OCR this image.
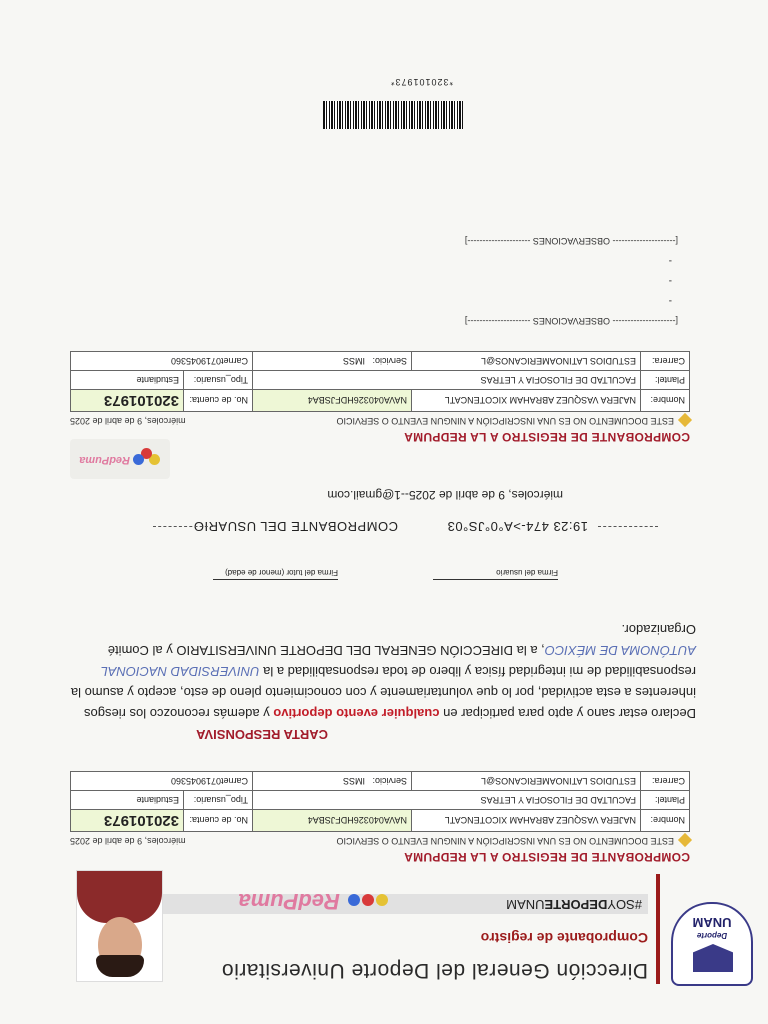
Deporte
UNAM
Dirección General del Deporte Universitario
Comprobante de registro
#SOYDEPORTEUNAM
RedPuma
COMPROBANTE DE REGISTRO A LA REDPUMA
ESTE DOCUMENTO NO ES UNA INSCRIPCIÓN A NINGUN EVENTO O SERVICIO
miércoles, 9 de abril de 2025
Nombre:	NAJERA VASQUEZ ABRAHAM XICOTENCATL	NAVA040326HDFJSBA4	No. de cuenta:	320101973
Plantel:	FACULTAD DE FILOSOFIA Y LETRAS		Tipo_usuario:	Estudiante
Carrera:	ESTUDIOS LATINOAMERICANOS@L	Servicio:   IMSS	Carnet0719045360	
CARTA RESPONSIVA
Declaro estar sano y apto para participar en cualquier evento deportivo y además reconozco los riesgos inherentes a esta actividad, por lo que voluntariamente y con conocimiento pleno de esto, acepto y asumo la responsabilidad de mi integridad física y libero de toda responsabilidad a la UNIVERSIDAD NACIONAL AUTÓNOMA DE MÉXICO, a la DIRECCIÓN GENERAL DEL DEPORTE UNIVERSITARIO y al Comité Organizador.
Firma del usuario
Firma del tutor (menor de edad)
19:23 474->A°0°JS°03
COMPROBANTE DEL USUARIO
miércoles, 9 de abril de 2025--1@gmail.com
RedPuma
COMPROBANTE DE REGISTRO A LA REDPUMA
ESTE DOCUMENTO NO ES UNA INSCRIPCIÓN A NINGUN EVENTO O SERVICIO
miércoles, 9 de abril de 2025
Nombre:	NAJERA VASQUEZ ABRAHAM XICOTENCATL	NAVA040326HDFJSBA4	No. de cuenta:	320101973
Plantel:	FACULTAD DE FILOSOFIA Y LETRAS		Tipo_usuario:	Estudiante
Carrera:	ESTUDIOS LATINOAMERICANOS@L	Servicio:   IMSS	Carnet0719045360	
[--------------------- OBSERVACIONES ---------------------]
-
-
-
[--------------------- OBSERVACIONES ---------------------]
*320101973*
